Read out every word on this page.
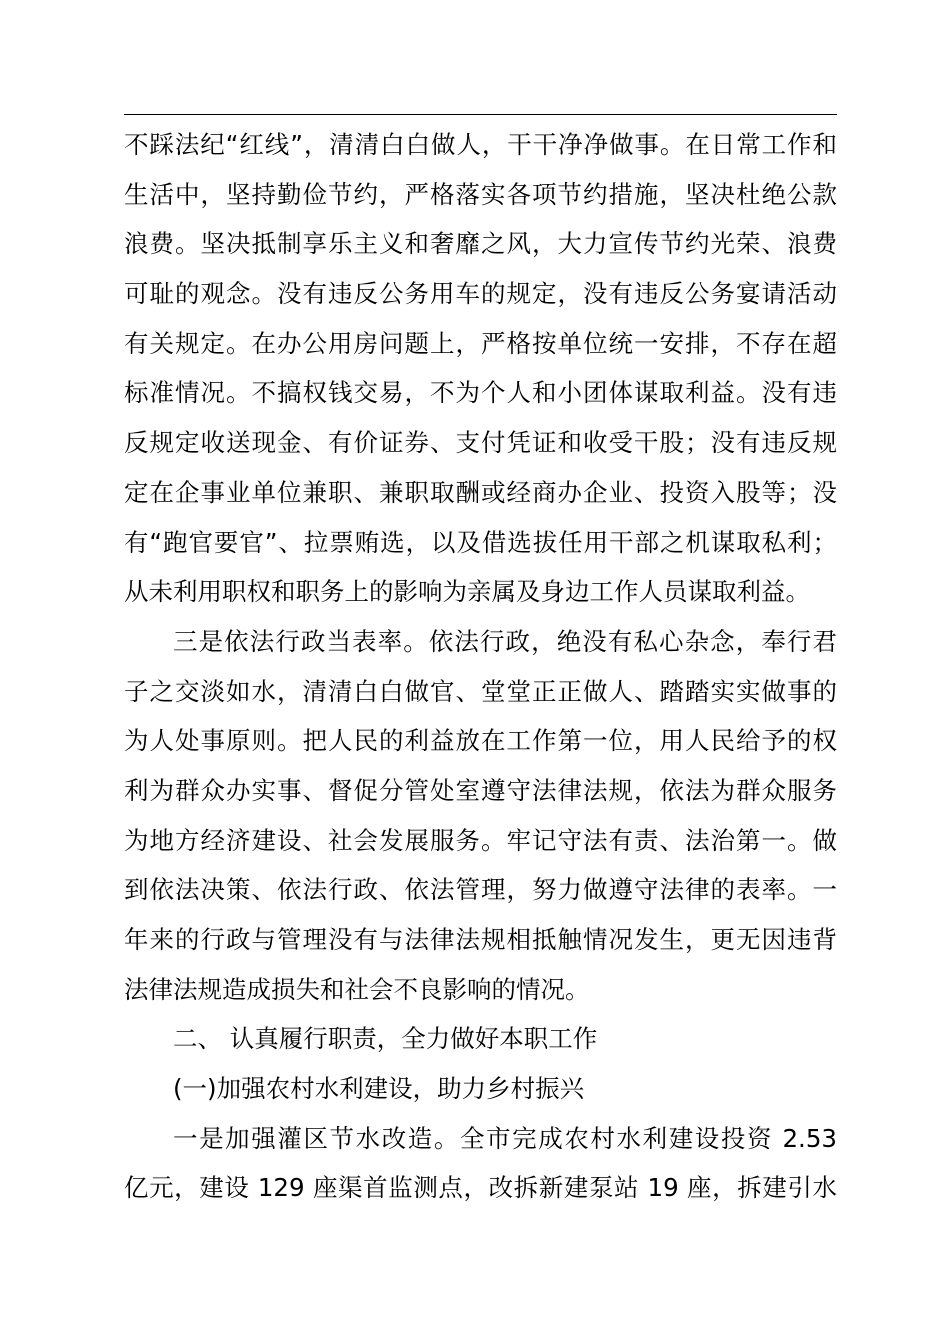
不踩法纪“红线”，清清白白做人，干干净净做事。在日常工作和
生活中，坚持勤俭节约，严格落实各项节约措施，坚决杜绝公款
浪费。坚决抵制享乐主义和奢靡之风，大力宣传节约光荣、浪费
可耻的观念。没有违反公务用车的规定，没有违反公务宴请活动
有关规定。在办公用房问题上，严格按单位统一安排，不存在超
标准情况。不搞权钱交易，不为个人和小团体谋取利益。没有违
反规定收送现金、有价证券、支付凭证和收受干股；没有违反规
定在企事业单位兼职、兼职取酬或经商办企业、投资入股等；没
有“跑官要官”、拉票贿选，以及借选拔任用干部之机谋取私利；
从未利用职权和职务上的影响为亲属及身边工作人员谋取利益。
三是依法行政当表率。依法行政，绝没有私心杂念，奉行君
子之交淡如水，清清白白做官、堂堂正正做人、踏踏实实做事的
为人处事原则。把人民的利益放在工作第一位，用人民给予的权
利为群众办实事、督促分管处室遵守法律法规，依法为群众服务
为地方经济建设、社会发展服务。牢记守法有责、法治第一。做
到依法决策、依法行政、依法管理，努力做遵守法律的表率。一
年来的行政与管理没有与法律法规相抵触情况发生，更无因违背
法律法规造成损失和社会不良影响的情况。
二、 认真履行职责，全力做好本职工作
(一)加强农村水利建设，助力乡村振兴
一是加强灌区节水改造。全市完成农村水利建设投资 2.53
亿元，建设 129 座渠首监测点，改拆新建泵站 19 座，拆建引水
